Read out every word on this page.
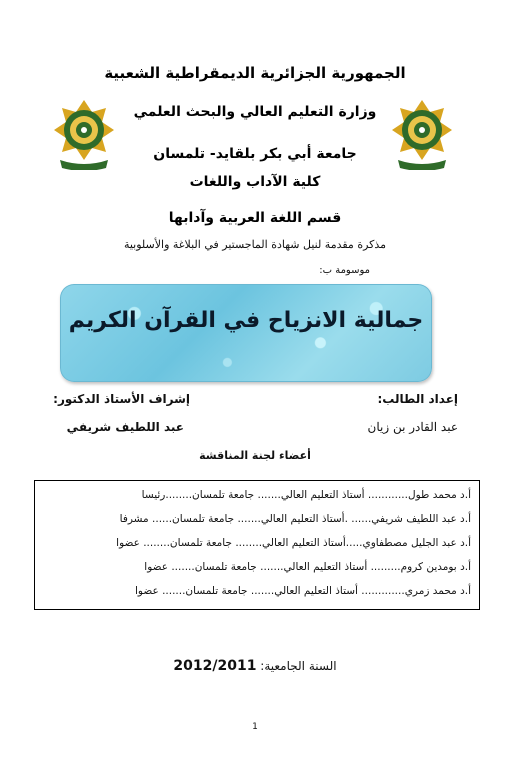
الجمهورية الجزائرية الديمقراطية الشعبية
وزارة التعليم العالي والبحث العلمي
جامعة أبي بكر بلقايد- تلمسان
كلية الآداب واللغات
قسم اللغة العربية وآدابها
مذكرة مقدمة لنيل شهادة الماجستير في البلاغة والأسلوبية
موسومة ب:
جمالية الانزياح في القرآن الكريم
إعداد الطالب:
إشراف الأستاذ الدكتور:
عبد القادر بن زيان
عبد اللطيف شريفي
أعضاء لجنة المناقشة
أ.د محمد طول............ أستاذ التعليم العالي....... جامعة تلمسان........رئيسا
أ.د عبد اللطيف شريفي...... .أستاذ التعليم العالي....... جامعة تلمسان...... مشرفا
أ.د عبد الجليل مصطفاوي.....أستاذ التعليم العالي........ جامعة تلمسان........ عضوا
أ.د بومدين كروم......... أستاذ التعليم العالي....... جامعة تلمسان....... عضوا
أ.د محمد زمري............. أستاذ التعليم العالي....... جامعة تلمسان....... عضوا
السنة الجامعية: 2012/2011
1
